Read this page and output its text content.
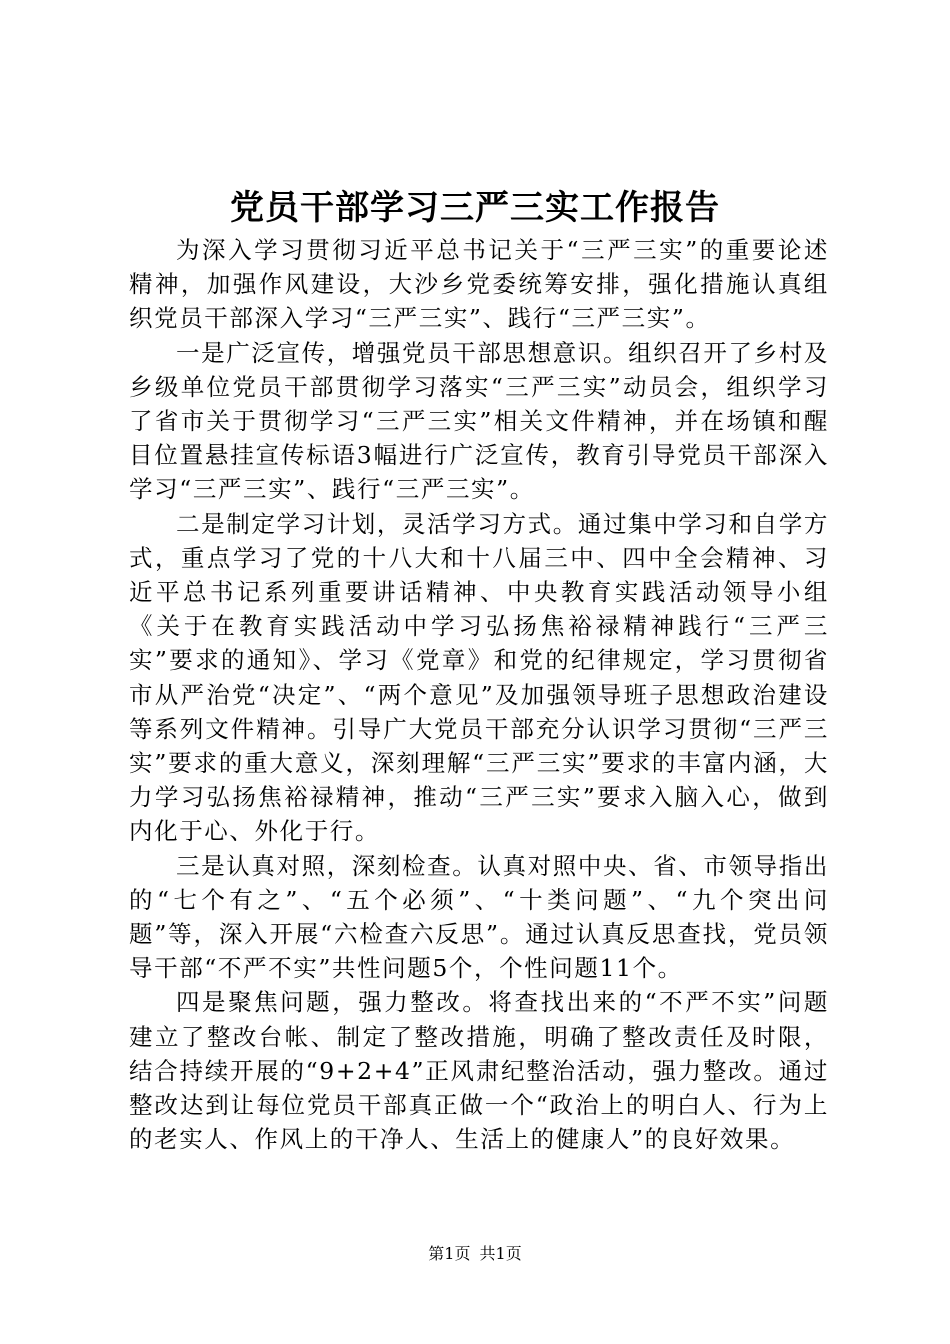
党员干部学习三严三实工作报告

为深入学习贯彻习近平总书记关于“三严三实”的重要论述精神，加强作风建设，大沙乡党委统筹安排，强化措施认真组织党员干部深入学习“三严三实”、践行“三严三实”。

一是广泛宣传，增强党员干部思想意识。组织召开了乡村及乡级单位党员干部贯彻学习落实“三严三实”动员会，组织学习了省市关于贯彻学习“三严三实”相关文件精神，并在场镇和醒目位置悬挂宣传标语3幅进行广泛宣传，教育引导党员干部深入学习“三严三实”、践行“三严三实”。

二是制定学习计划，灵活学习方式。通过集中学习和自学方式，重点学习了党的十八大和十八届三中、四中全会精神、习近平总书记系列重要讲话精神、中央教育实践活动领导小组《关于在教育实践活动中学习弘扬焦裕禄精神践行“三严三实”要求的通知》、学习《党章》和党的纪律规定，学习贯彻省市从严治党“决定”、“两个意见”及加强领导班子思想政治建设等系列文件精神。引导广大党员干部充分认识学习贯彻“三严三实”要求的重大意义，深刻理解“三严三实”要求的丰富内涵，大力学习弘扬焦裕禄精神，推动“三严三实”要求入脑入心，做到内化于心、外化于行。

三是认真对照，深刻检查。认真对照中央、省、市领导指出的“七个有之”、“五个必须”、“十类问题”、“九个突出问题”等，深入开展“六检查六反思”。通过认真反思查找，党员领导干部“不严不实”共性问题5个，个性问题11个。

四是聚焦问题，强力整改。将查找出来的“不严不实”问题建立了整改台帐、制定了整改措施，明确了整改责任及时限，结合持续开展的“9+2+4”正风肃纪整治活动，强力整改。通过整改达到让每位党员干部真正做一个“政治上的明白人、行为上的老实人、作风上的干净人、生活上的健康人”的良好效果。

第1页 共1页
